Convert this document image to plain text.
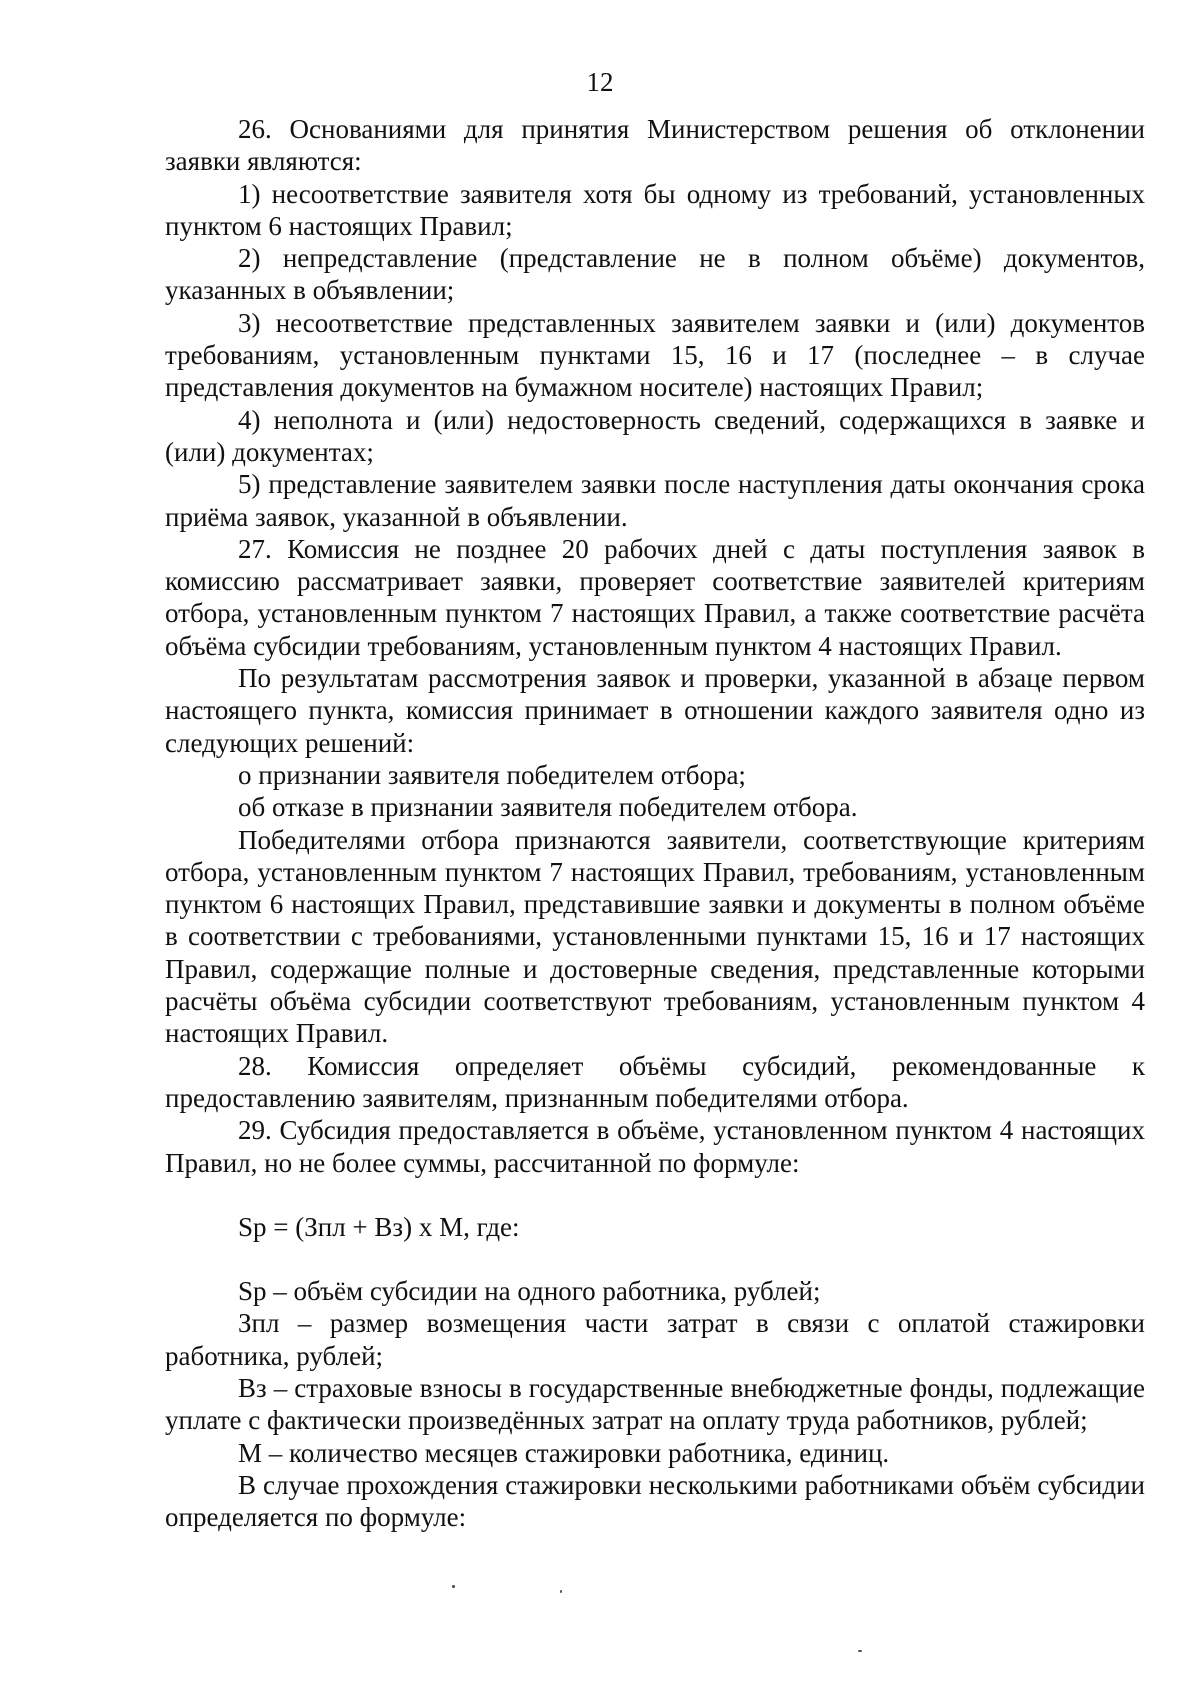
12

26. Основаниями для принятия Министерством решения об отклонении заявки являются:

1) несоответствие заявителя хотя бы одному из требований, установленных пунктом 6 настоящих Правил;

2) непредставление (представление не в полном объёме) документов, указанных в объявлении;

3) несоответствие представленных заявителем заявки и (или) документов требованиям, установленным пунктами 15, 16 и 17 (последнее – в случае представления документов на бумажном носителе) настоящих Правил;

4) неполнота и (или) недостоверность сведений, содержащихся в заявке и (или) документах;

5) представление заявителем заявки после наступления даты окончания срока приёма заявок, указанной в объявлении.

27. Комиссия не позднее 20 рабочих дней с даты поступления заявок в комиссию рассматривает заявки, проверяет соответствие заявителей критериям отбора, установленным пунктом 7 настоящих Правил, а также соответствие расчёта объёма субсидии требованиям, установленным пунктом 4 настоящих Правил.

По результатам рассмотрения заявок и проверки, указанной в абзаце первом настоящего пункта, комиссия принимает в отношении каждого заявителя одно из следующих решений:

о признании заявителя победителем отбора;

об отказе в признании заявителя победителем отбора.

Победителями отбора признаются заявители, соответствующие критериям отбора, установленным пунктом 7 настоящих Правил, требованиям, установленным пунктом 6 настоящих Правил, представившие заявки и документы в полном объёме в соответствии с требованиями, установленными пунктами 15, 16 и 17 настоящих Правил, содержащие полные и достоверные сведения, представленные которыми расчёты объёма субсидии соответствуют требованиям, установленным пунктом 4 настоящих Правил.

28. Комиссия определяет объёмы субсидий, рекомендованные к предоставлению заявителям, признанным победителями отбора.

29. Субсидия предоставляется в объёме, установленном пунктом 4 настоящих Правил, но не более суммы, рассчитанной по формуле:

Sp = (Зпл + Вз) x M, где:

Sp – объём субсидии на одного работника, рублей;

Зпл – размер возмещения части затрат в связи с оплатой стажировки работника, рублей;

Вз – страховые взносы в государственные внебюджетные фонды, подлежащие уплате с фактически произведённых затрат на оплату труда работников, рублей;

M – количество месяцев стажировки работника, единиц.

В случае прохождения стажировки несколькими работниками объём субсидии определяется по формуле:
